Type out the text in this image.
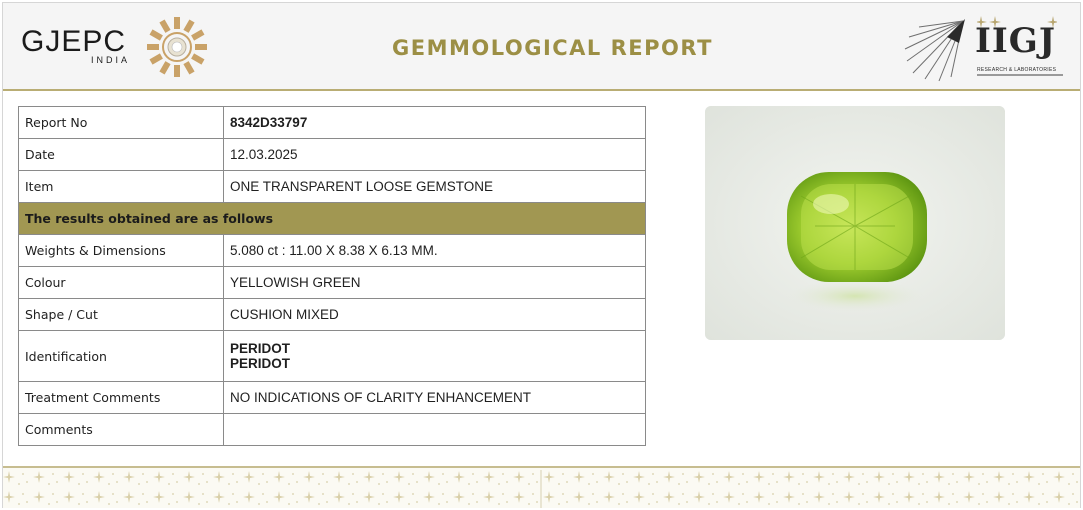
GJEPC
INDIA	GEMMOLOGICAL REPORT	IIGJ
RESEARCH & LABORATORIES
Report No	8342D33797
Date	12.03.2025
Item	ONE TRANSPARENT LOOSE GEMSTONE
The results obtained are as follows	
Weights & Dimensions	5.080 ct : 11.00 X 8.38 X 6.13 MM.
Colour	YELLOWISH GREEN
Shape / Cut	CUSHION MIXED
Identification	PERIDOT
PERIDOT

Treatment Comments	NO INDICATIONS OF CLARITY ENHANCEMENT
Comments	
